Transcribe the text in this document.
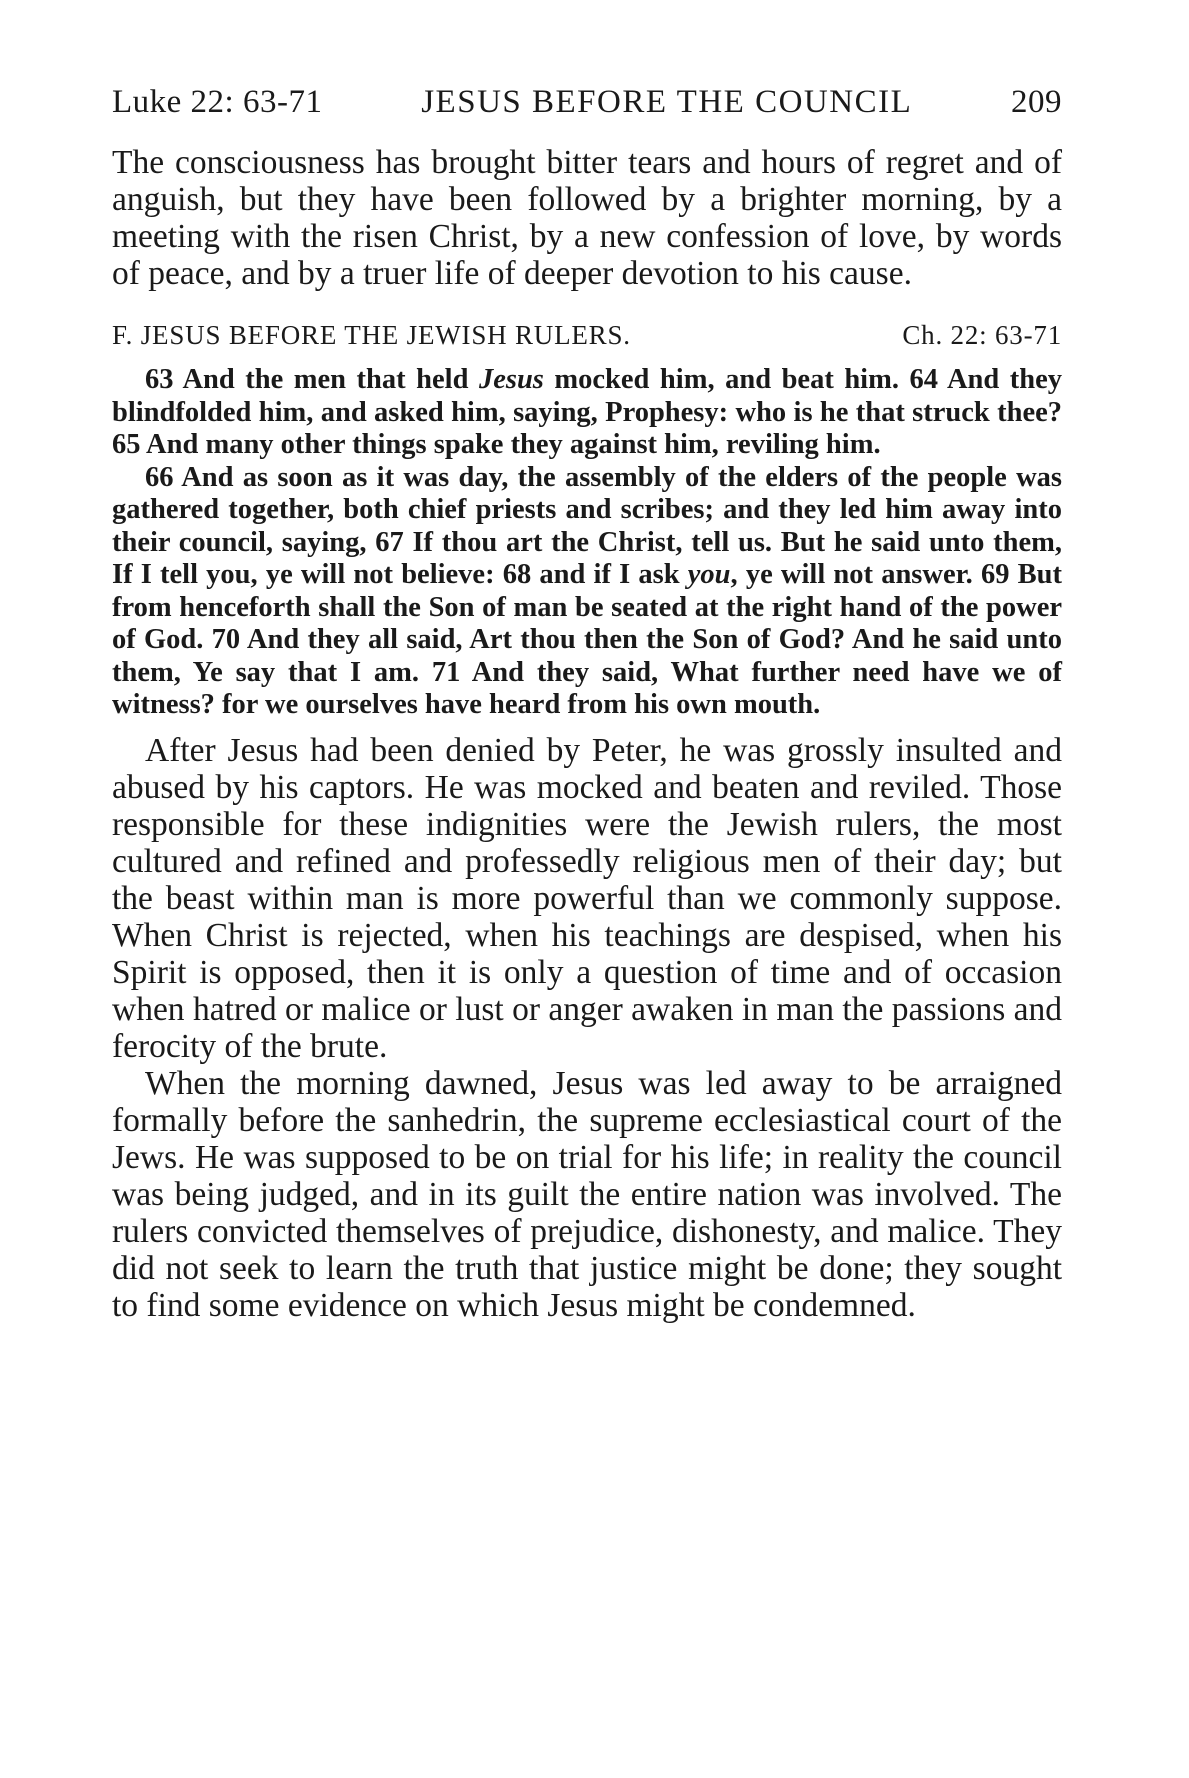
Luke 22: 63-71	JESUS BEFORE THE COUNCIL	209

The consciousness has brought bitter tears and hours of regret and of anguish, but they have been followed by a brighter morning, by a meeting with the risen Christ, by a new confession of love, by words of peace, and by a truer life of deeper devotion to his cause.

F. JESUS BEFORE THE JEWISH RULERS.	Ch. 22: 63-71

63 And the men that held Jesus mocked him, and beat him. 64 And they blindfolded him, and asked him, saying, Prophesy: who is he that struck thee? 65 And many other things spake they against him, reviling him.

66 And as soon as it was day, the assembly of the elders of the people was gathered together, both chief priests and scribes; and they led him away into their council, saying, 67 If thou art the Christ, tell us. But he said unto them, If I tell you, ye will not believe: 68 and if I ask you, ye will not answer. 69 But from henceforth shall the Son of man be seated at the right hand of the power of God. 70 And they all said, Art thou then the Son of God? And he said unto them, Ye say that I am. 71 And they said, What further need have we of witness? for we ourselves have heard from his own mouth.

After Jesus had been denied by Peter, he was grossly insulted and abused by his captors. He was mocked and beaten and reviled. Those responsible for these indignities were the Jewish rulers, the most cultured and refined and professedly religious men of their day; but the beast within man is more powerful than we commonly suppose. When Christ is rejected, when his teachings are despised, when his Spirit is opposed, then it is only a question of time and of occasion when hatred or malice or lust or anger awaken in man the passions and ferocity of the brute.

When the morning dawned, Jesus was led away to be arraigned formally before the sanhedrin, the supreme ecclesiastical court of the Jews. He was supposed to be on trial for his life; in reality the council was being judged, and in its guilt the entire nation was involved. The rulers convicted themselves of prejudice, dishonesty, and malice. They did not seek to learn the truth that justice might be done; they sought to find some evidence on which Jesus might be condemned.
